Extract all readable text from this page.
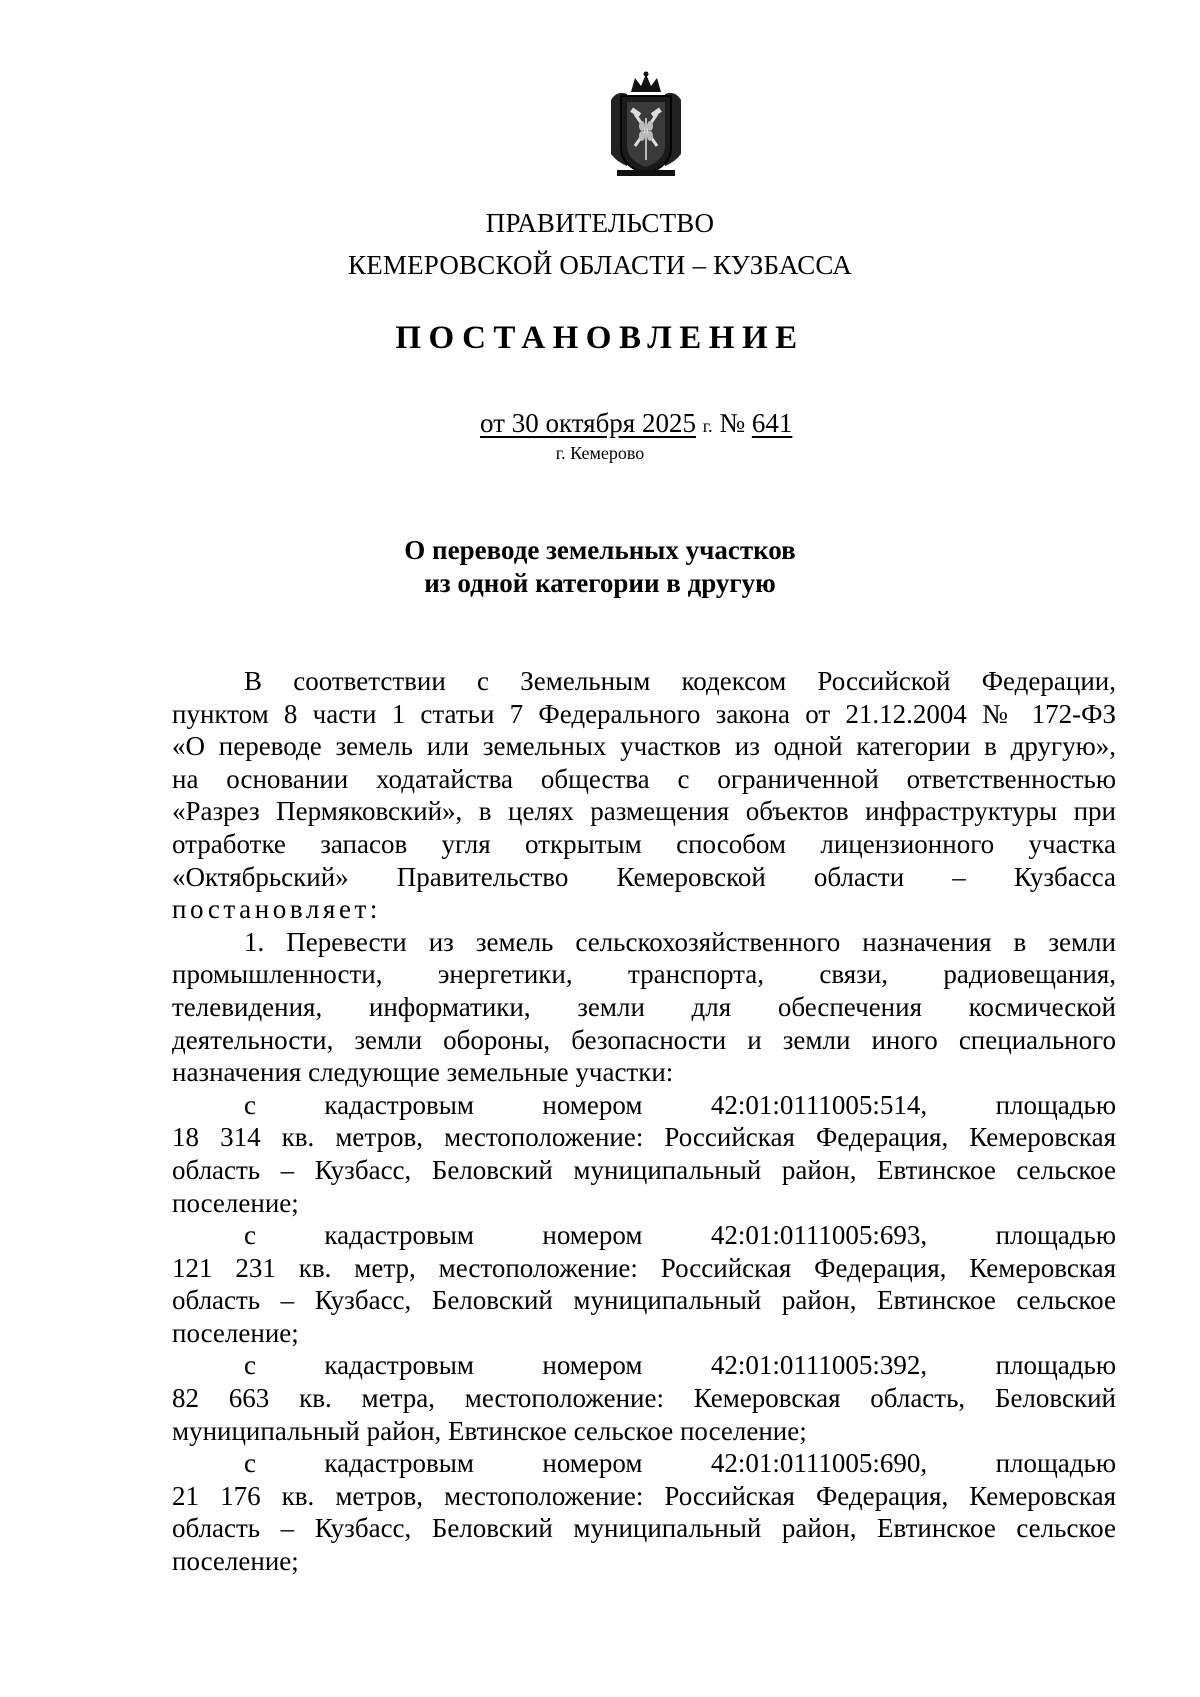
ПРАВИТЕЛЬСТВО
КЕМЕРОВСКОЙ ОБЛАСТИ – КУЗБАССА
ПОСТАНОВЛЕНИЕ
от 30 октября 2025 г. № 641
г. Кемерово
О переводе земельных участков
из одной категории в другую
В соответствии с Земельным кодексом Российской Федерации,
пунктом 8 части 1 статьи 7 Федерального закона от 21.12.2004 № 172-ФЗ
«О переводе земель или земельных участков из одной категории в другую»,
на основании ходатайства общества с ограниченной ответственностью
«Разрез Пермяковский», в целях размещения объектов инфраструктуры при
отработке запасов угля открытым способом лицензионного участка
«Октябрьский» Правительство Кемеровской области – Кузбасса
постановляет:
1. Перевести из земель сельскохозяйственного назначения в земли
промышленности, энергетики, транспорта, связи, радиовещания,
телевидения, информатики, земли для обеспечения космической
деятельности, земли обороны, безопасности и земли иного специального
назначения следующие земельные участки:
с кадастровым номером 42:01:0111005:514, площадью
18 314 кв. метров, местоположение: Российская Федерация, Кемеровская
область – Кузбасс, Беловский муниципальный район, Евтинское сельское
поселение;
с кадастровым номером 42:01:0111005:693, площадью
121 231 кв. метр, местоположение: Российская Федерация, Кемеровская
область – Кузбасс, Беловский муниципальный район, Евтинское сельское
поселение;
с кадастровым номером 42:01:0111005:392, площадью
82 663 кв. метра, местоположение: Кемеровская область, Беловский
муниципальный район, Евтинское сельское поселение;
с кадастровым номером 42:01:0111005:690, площадью
21 176 кв. метров, местоположение: Российская Федерация, Кемеровская
область – Кузбасс, Беловский муниципальный район, Евтинское сельское
поселение;
